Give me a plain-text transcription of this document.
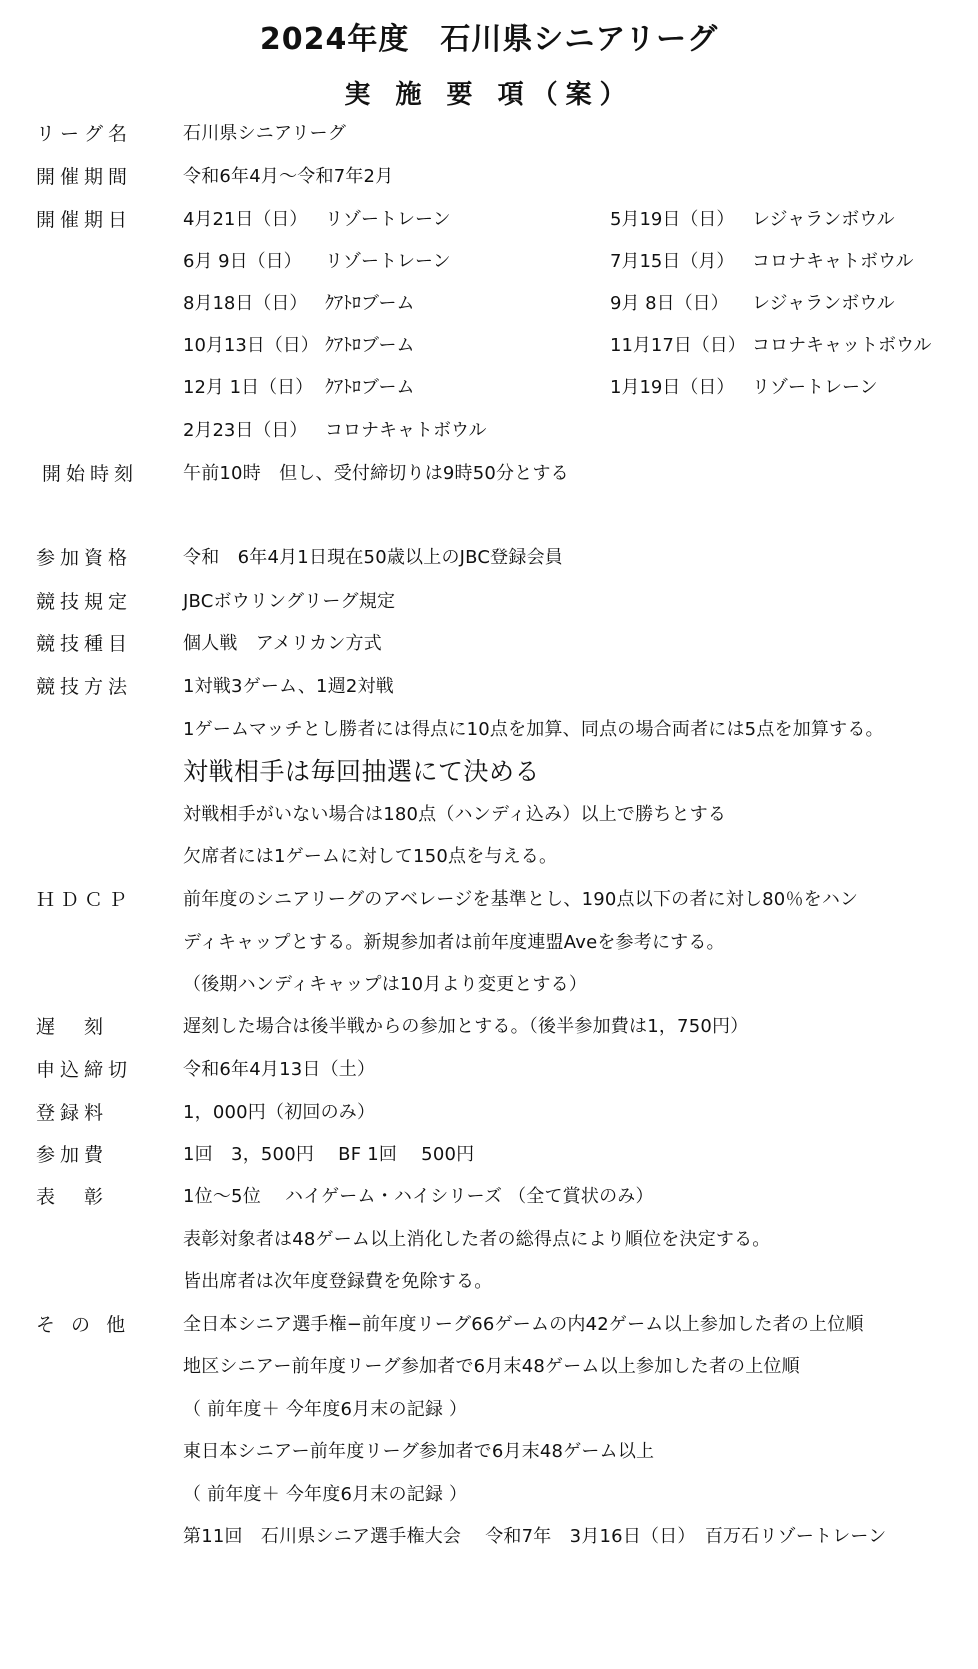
2024年度　石川県シニアリーグ
実 施 要 項（案）
リーグ名	石川県シニアリーグ
開催期間	令和6年4月～令和7年2月
開催期日	4月21日（日） リゾートレーン	5月19日（日） レジャランボウル
6月 9日（日） リゾートレーン	7月15日（月） コロナキャトボウル
8月18日（日） ｸｱﾄﾛブーム	9月 8日（日） レジャランボウル
10月13日（日） ｸｱﾄﾛブーム	11月17日（日） コロナキャットボウル
12月 1日（日） ｸｱﾄﾛブーム	1月19日（日） リゾートレーン
2月23日（日） コロナキャトボウル
開始時刻 午前10時　但し、受付締切りは9時50分とする
参加資格	令和　6年4月1日現在50歳以上のJBC登録会員
競技規定	JBCボウリングリーグ規定
競技種目	個人戦　アメリカン方式
競技方法	1対戦3ゲーム、1週2対戦
1ゲームマッチとし勝者には得点に10点を加算、同点の場合両者には5点を加算する。
対戦相手は毎回抽選にて決める
対戦相手がいない場合は180点（ハンディ込み）以上で勝ちとする
欠席者には1ゲームに対して150点を与える。
ＨＤＣＰ	前年度のシニアリーグのアベレージを基準とし、190点以下の者に対し80％をハン
ディキャップとする。新規参加者は前年度連盟Aveを参考にする。
（後期ハンディキャップは10月より変更とする）
遅　刻	遅刻した場合は後半戦からの参加とする。（後半参加費は1，750円）
申込締切	令和6年4月13日（土）
登録料	1，000円（初回のみ）
参加費	1回　3，500円　 BF 1回　 500円
表　彰	1位～5位　 ハイゲーム・ハイシリーズ （全て賞状のみ）
表彰対象者は48ゲーム以上消化した者の総得点により順位を決定する。
皆出席者は次年度登録費を免除する。
そ の 他	全日本シニア選手権−前年度リーグ66ゲームの内42ゲーム以上参加した者の上位順
地区シニアー前年度リーグ参加者で6月末48ゲーム以上参加した者の上位順
（ 前年度＋ 今年度6月末の記録 ）
東日本シニアー前年度リーグ参加者で6月末48ゲーム以上
（ 前年度＋ 今年度6月末の記録 ）
第11回　石川県シニア選手権大会　 令和7年　3月16日（日）　百万石リゾートレーン
